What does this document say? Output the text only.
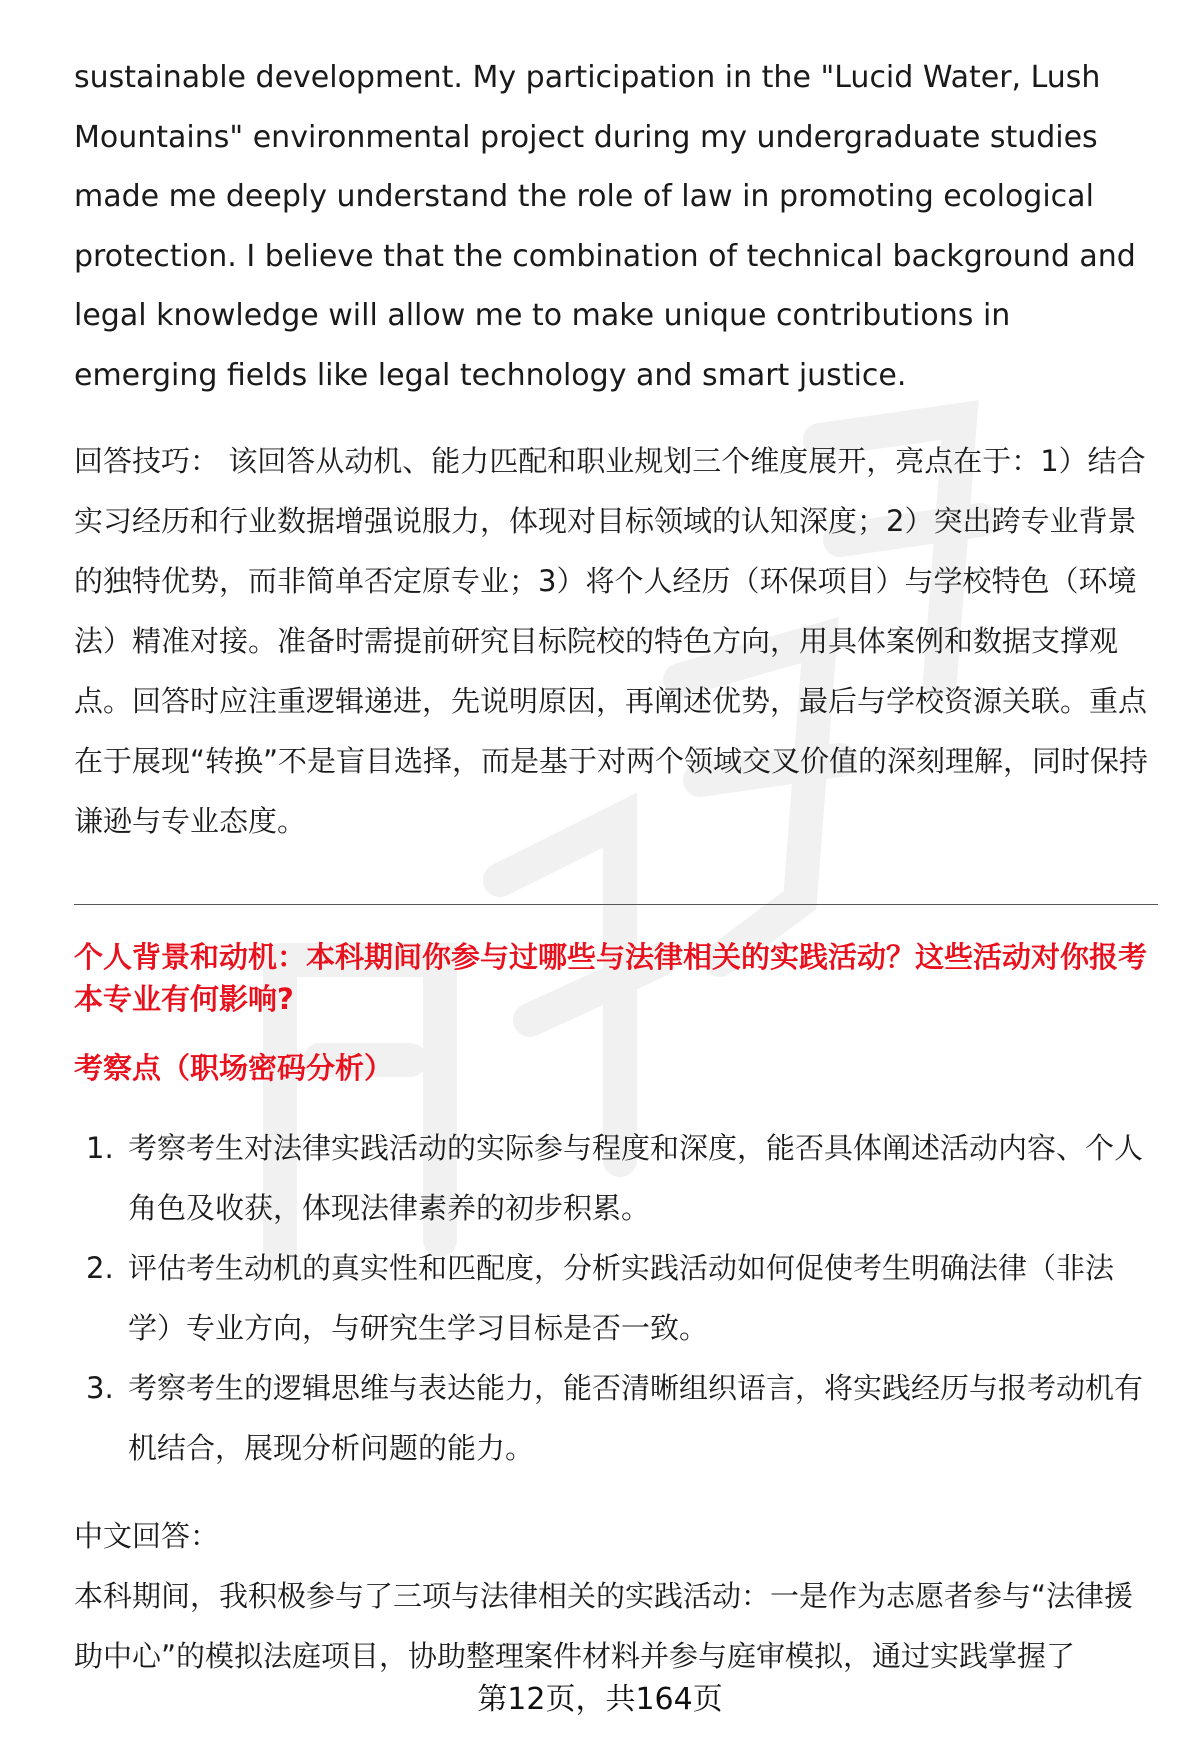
sustainable development. My participation in the "Lucid Water, Lush Mountains" environmental project during my undergraduate studies made me deeply understand the role of law in promoting ecological protection. I believe that the combination of technical background and legal knowledge will allow me to make unique contributions in emerging fields like legal technology and smart justice.

回答技巧： 该回答从动机、能力匹配和职业规划三个维度展开，亮点在于：1）结合实习经历和行业数据增强说服力，体现对目标领域的认知深度；2）突出跨专业背景的独特优势，而非简单否定原专业；3）将个人经历（环保项目）与学校特色（环境法）精准对接。准备时需提前研究目标院校的特色方向，用具体案例和数据支撑观点。回答时应注重逻辑递进，先说明原因，再阐述优势，最后与学校资源关联。重点在于展现“转换”不是盲目选择，而是基于对两个领域交叉价值的深刻理解，同时保持谦逊与专业态度。

个人背景和动机：本科期间你参与过哪些与法律相关的实践活动？这些活动对你报考本专业有何影响?

考察点（职场密码分析）

1. 考察考生对法律实践活动的实际参与程度和深度，能否具体阐述活动内容、个人角色及收获，体现法律素养的初步积累。
2. 评估考生动机的真实性和匹配度，分析实践活动如何促使考生明确法律（非法学）专业方向，与研究生学习目标是否一致。
3. 考察考生的逻辑思维与表达能力，能否清晰组织语言，将实践经历与报考动机有机结合，展现分析问题的能力。

中文回答：

本科期间，我积极参与了三项与法律相关的实践活动：一是作为志愿者参与“法律援助中心”的模拟法庭项目，协助整理案件材料并参与庭审模拟，通过实践掌握了

第12页，共164页
